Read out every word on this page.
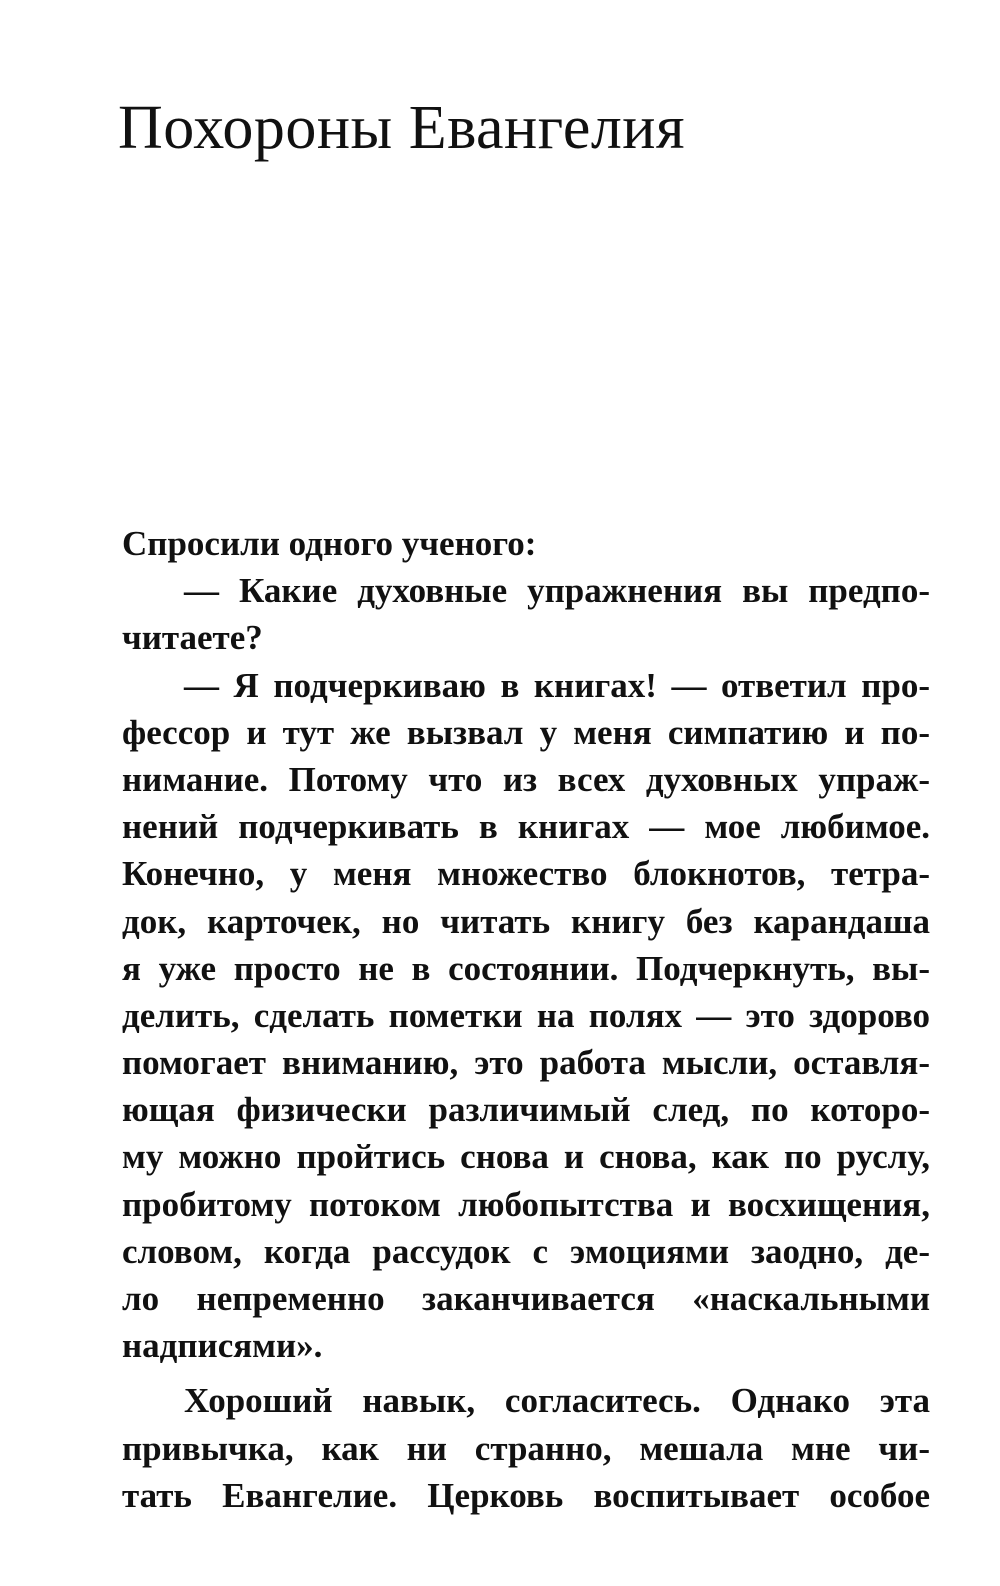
Похороны Евангелия
Спросили одного ученого:
— Какие духовные упражнения вы предпо-
читаете?
— Я подчеркиваю в книгах! — ответил про-
фессор и тут же вызвал у меня симпатию и по-
нимание. Потому что из всех духовных упраж-
нений подчеркивать в книгах — мое любимое.
Конечно, у меня множество блокнотов, тетра-
док, карточек, но читать книгу без карандаша
я уже просто не в состоянии. Подчеркнуть, вы-
делить, сделать пометки на полях — это здорово
помогает вниманию, это работа мысли, оставля-
ющая физически различимый след, по которо-
му можно пройтись снова и снова, как по руслу,
пробитому потоком любопытства и восхищения,
словом, когда рассудок с эмоциями заодно, де-
ло непременно заканчивается «наскальными
надписями».
Хороший навык, согласитесь. Однако эта
привычка, как ни странно, мешала мне чи-
тать Евангелие. Церковь воспитывает особое
